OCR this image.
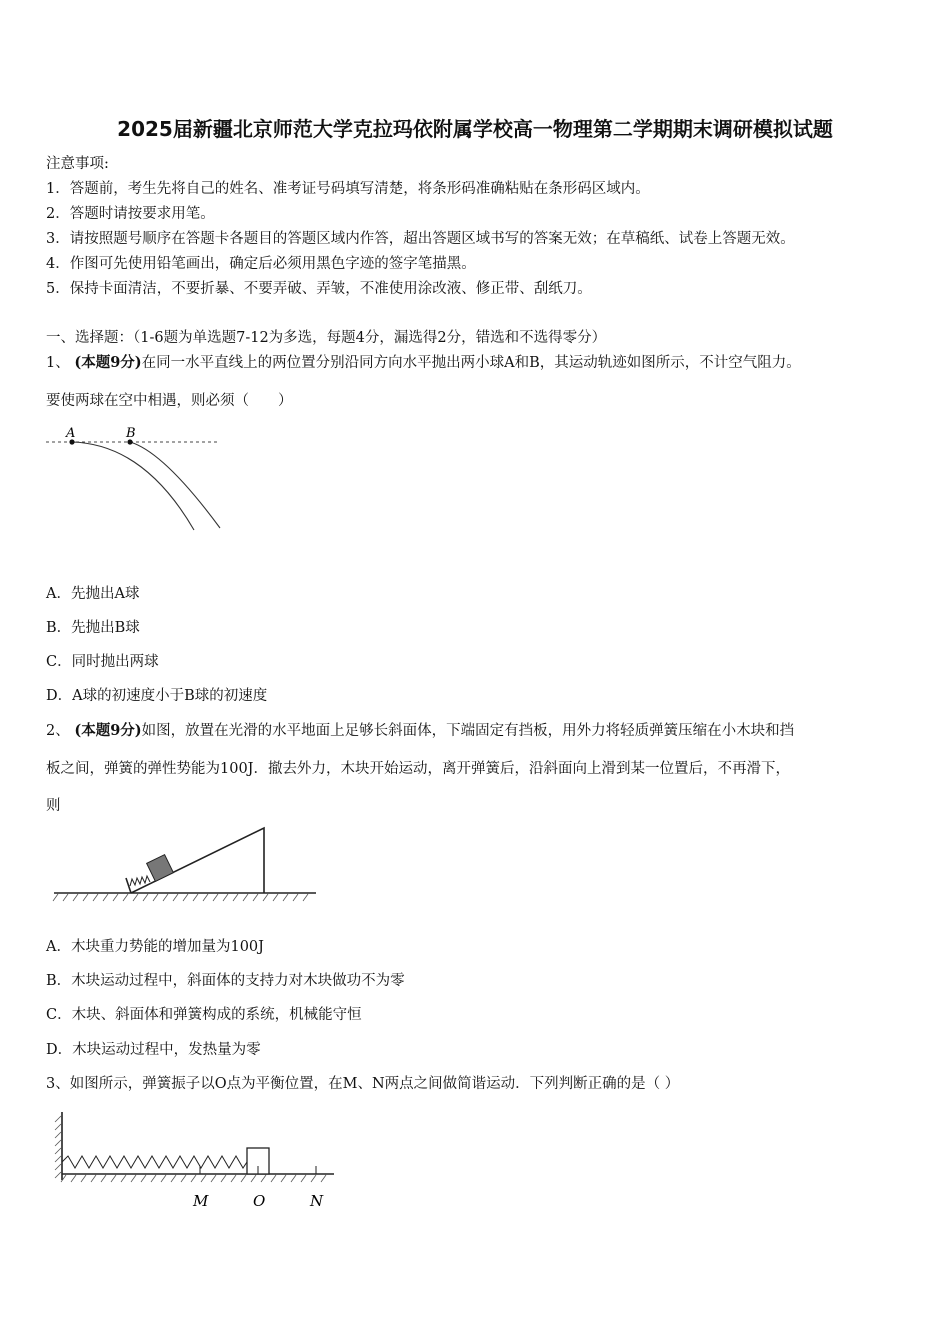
2025届新疆北京师范大学克拉玛依附属学校高一物理第二学期期末调研模拟试题
注意事项:
1．答题前，考生先将自己的姓名、准考证号码填写清楚，将条形码准确粘贴在条形码区域内。
2．答题时请按要求用笔。
3．请按照题号顺序在答题卡各题目的答题区域内作答，超出答题区域书写的答案无效；在草稿纸、试卷上答题无效。
4．作图可先使用铅笔画出，确定后必须用黑色字迹的签字笔描黑。
5．保持卡面清洁，不要折暴、不要弄破、弄皱，不准使用涂改液、修正带、刮纸刀。
一、选择题：（1-6题为单选题7-12为多选，每题4分，漏选得2分，错选和不选得零分）
1、 (本题9分)在同一水平直线上的两位置分别沿同方向水平抛出两小球A和B，其运动轨迹如图所示，不计空气阻力。
要使两球在空中相遇，则必须（　　）
A	B
A．先抛出A球
B．先抛出B球
C．同时抛出两球
D．A球的初速度小于B球的初速度
2、 (本题9分)如图，放置在光滑的水平地面上足够长斜面体，下端固定有挡板，用外力将轻质弹簧压缩在小木块和挡
板之间，弹簧的弹性势能为100J．撤去外力，木块开始运动，离开弹簧后，沿斜面向上滑到某一位置后，不再滑下，
则
A．木块重力势能的增加量为100J
B．木块运动过程中，斜面体的支持力对木块做功不为零
C．木块、斜面体和弹簧构成的系统，机械能守恒
D．木块运动过程中，发热量为零
3、如图所示，弹簧振子以O点为平衡位置，在M、N两点之间做简谐运动．下列判断正确的是（ ）
M	O	N
